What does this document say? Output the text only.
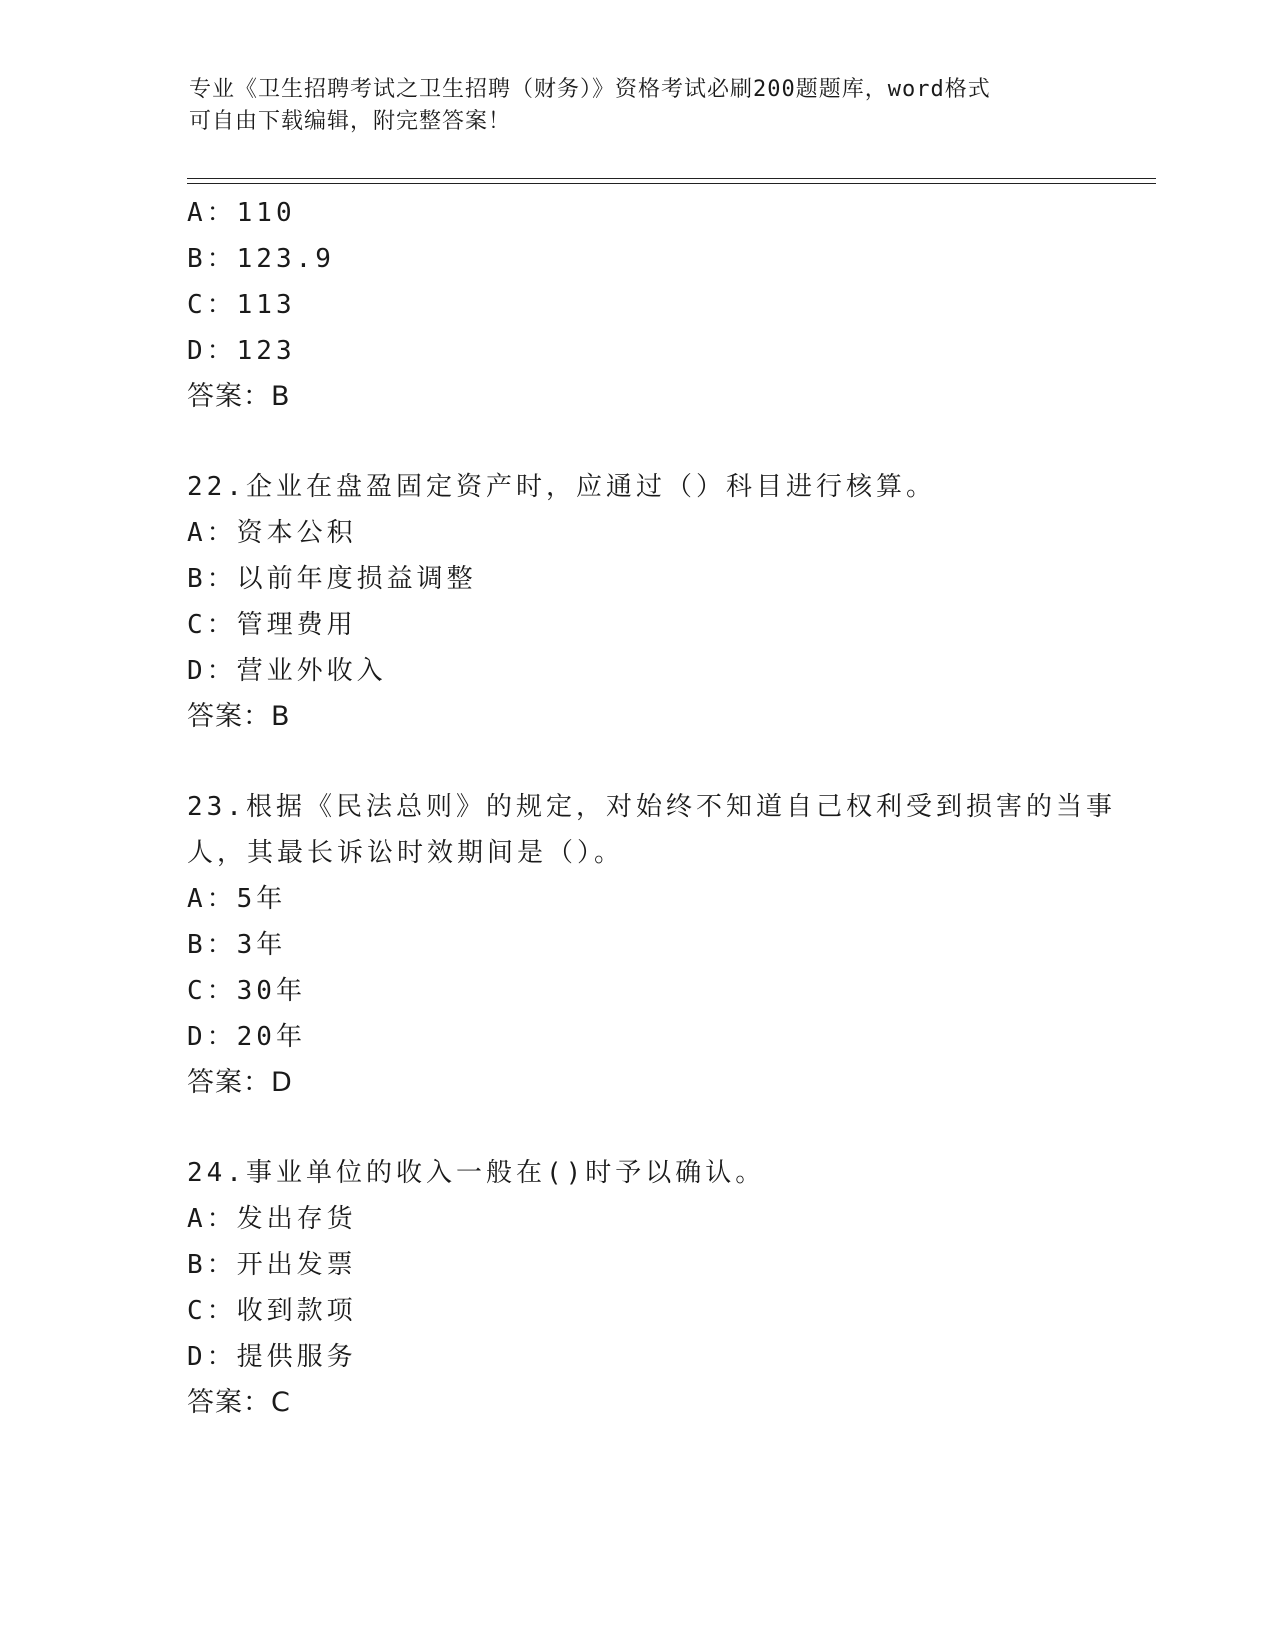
专业《卫生招聘考试之卫生招聘（财务）》资格考试必刷200题题库，word格式
可自由下载编辑，附完整答案！
A：110
B：123.9
C：113
D：123
答案：B
22.企业在盘盈固定资产时，应通过（）科目进行核算。
A：资本公积
B：以前年度损益调整
C：管理费用
D：营业外收入
答案：B
23.根据《民法总则》的规定，对始终不知道自己权利受到损害的当事
人，其最长诉讼时效期间是（）。
A：5年
B：3年
C：30年
D：20年
答案：D
24.事业单位的收入一般在()时予以确认。
A：发出存货
B：开出发票
C：收到款项
D：提供服务
答案：C
